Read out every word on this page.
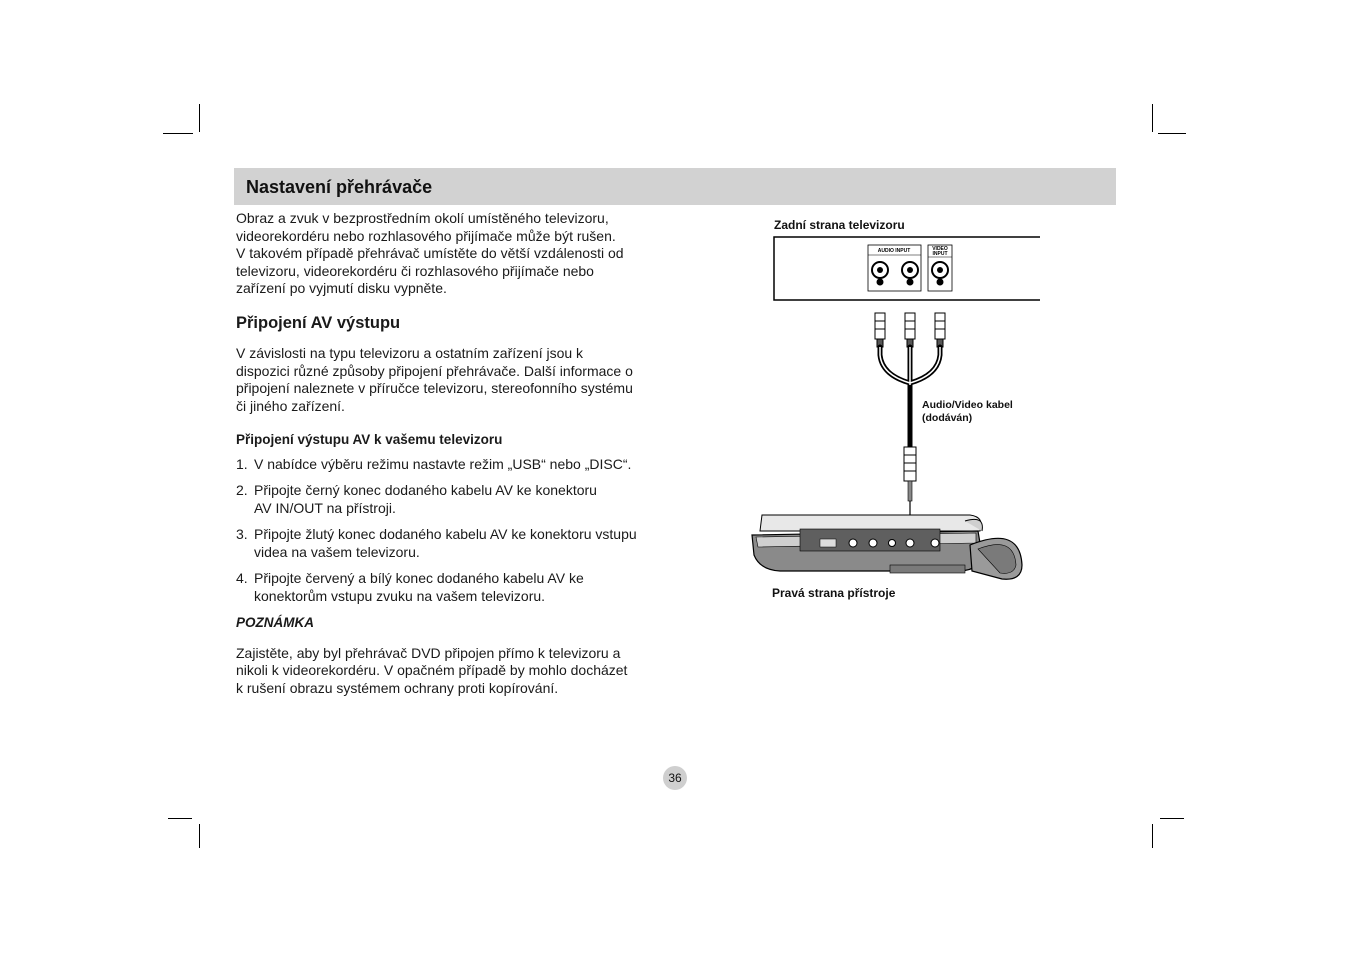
Nastavení přehrávače

Obraz a zvuk v bezprostředním okolí umístěného televizoru,
videorekordéru nebo rozhlasového přijímače může být rušen.
V takovém případě přehrávač umístěte do větší vzdálenosti od
televizoru, videorekordéru či rozhlasového přijímače nebo
zařízení po vyjmutí disku vypněte.

Připojení AV výstupu

V závislosti na typu televizoru a ostatním zařízení jsou k
dispozici různé způsoby připojení přehrávače. Další informace o
připojení naleznete v příručce televizoru, stereofonního systému
či jiného zařízení.

Připojení výstupu AV k vašemu televizoru

1. V nabídce výběru režimu nastavte režim „USB“ nebo „DISC“.
2. Připojte černý konec dodaného kabelu AV ke konektoru
AV IN/OUT na přístroji.
3. Připojte žlutý konec dodaného kabelu AV ke konektoru vstupu
videa na vašem televizoru.
4. Připojte červený a bílý konec dodaného kabelu AV ke
konektorům vstupu zvuku na vašem televizoru.

POZNÁMKA

Zajistěte, aby byl přehrávač DVD připojen přímo k televizoru a
nikoli k videorekordéru. V opačném případě by mohlo docházet
k rušení obrazu systémem ochrany proti kopírování.

Zadní strana televizoru
AUDIO INPUT	VIDEO
INPUT
Audio/Video kabel
(dodáván)
Pravá strana přístroje
36
